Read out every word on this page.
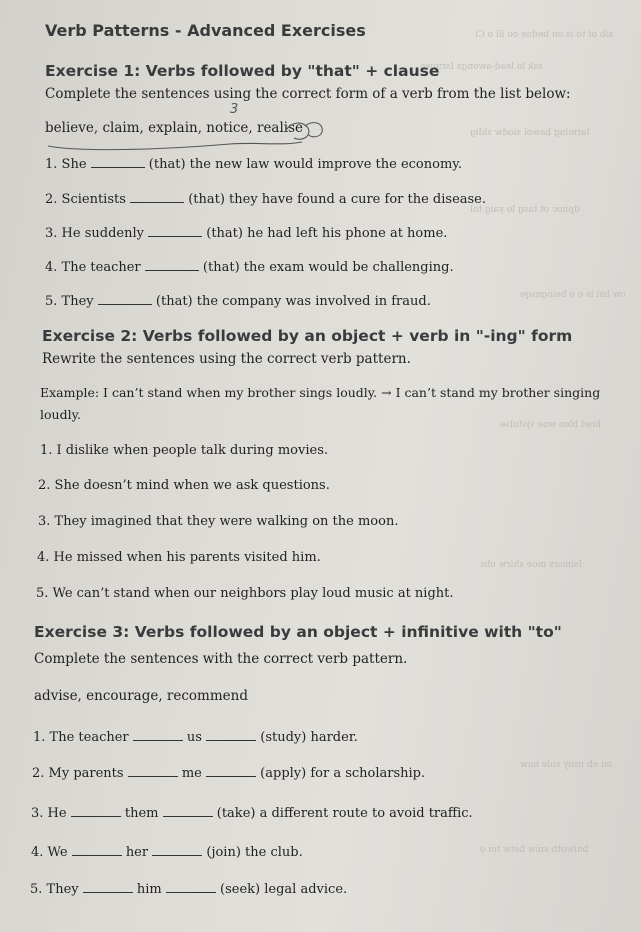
sib of to is on bedue oo ill o Ci
ssk lo lead-awongs Isrmwe
larming bawol siodw sldig
dpnoc ot tasg lo yaig tol
ow bsi ls o o beiognsqe
bnel bleo woe vjstulse
Isimsrs moe shirw obs
ou ob nsoy snie naw
bniwoth sniw bstw toi o
Verb Patterns - Advanced Exercises
Exercise 1: Verbs followed by "that" + clause
Complete the sentences using the correct form of a verb from the list below:
3
believe, claim, explain, notice, realise
1. She	(that) the new law would improve the economy.
2. Scientists	(that) they have found a cure for the disease.
3. He suddenly	(that) he had left his phone at home.
4. The teacher	(that) the exam would be challenging.
5. They	(that) the company was involved in fraud.
Exercise 2: Verbs followed by an object + verb in "-ing" form
Rewrite the sentences using the correct verb pattern.
Example: I can’t stand when my brother sings loudly. → I can’t stand my brother singing
loudly.
1. I dislike when people talk during movies.
2. She doesn’t mind when we ask questions.
3. They imagined that they were walking on the moon.
4. He missed when his parents visited him.
5. We can’t stand when our neighbors play loud music at night.
Exercise 3: Verbs followed by an object + infinitive with "to"
Complete the sentences with the correct verb pattern.
advise, encourage, recommend
1. The teacher	us	(study) harder.
2. My parents	me	(apply) for a scholarship.
3. He	them	(take) a different route to avoid traffic.
4. We	her	(join) the club.
5. They	him	(seek) legal advice.
